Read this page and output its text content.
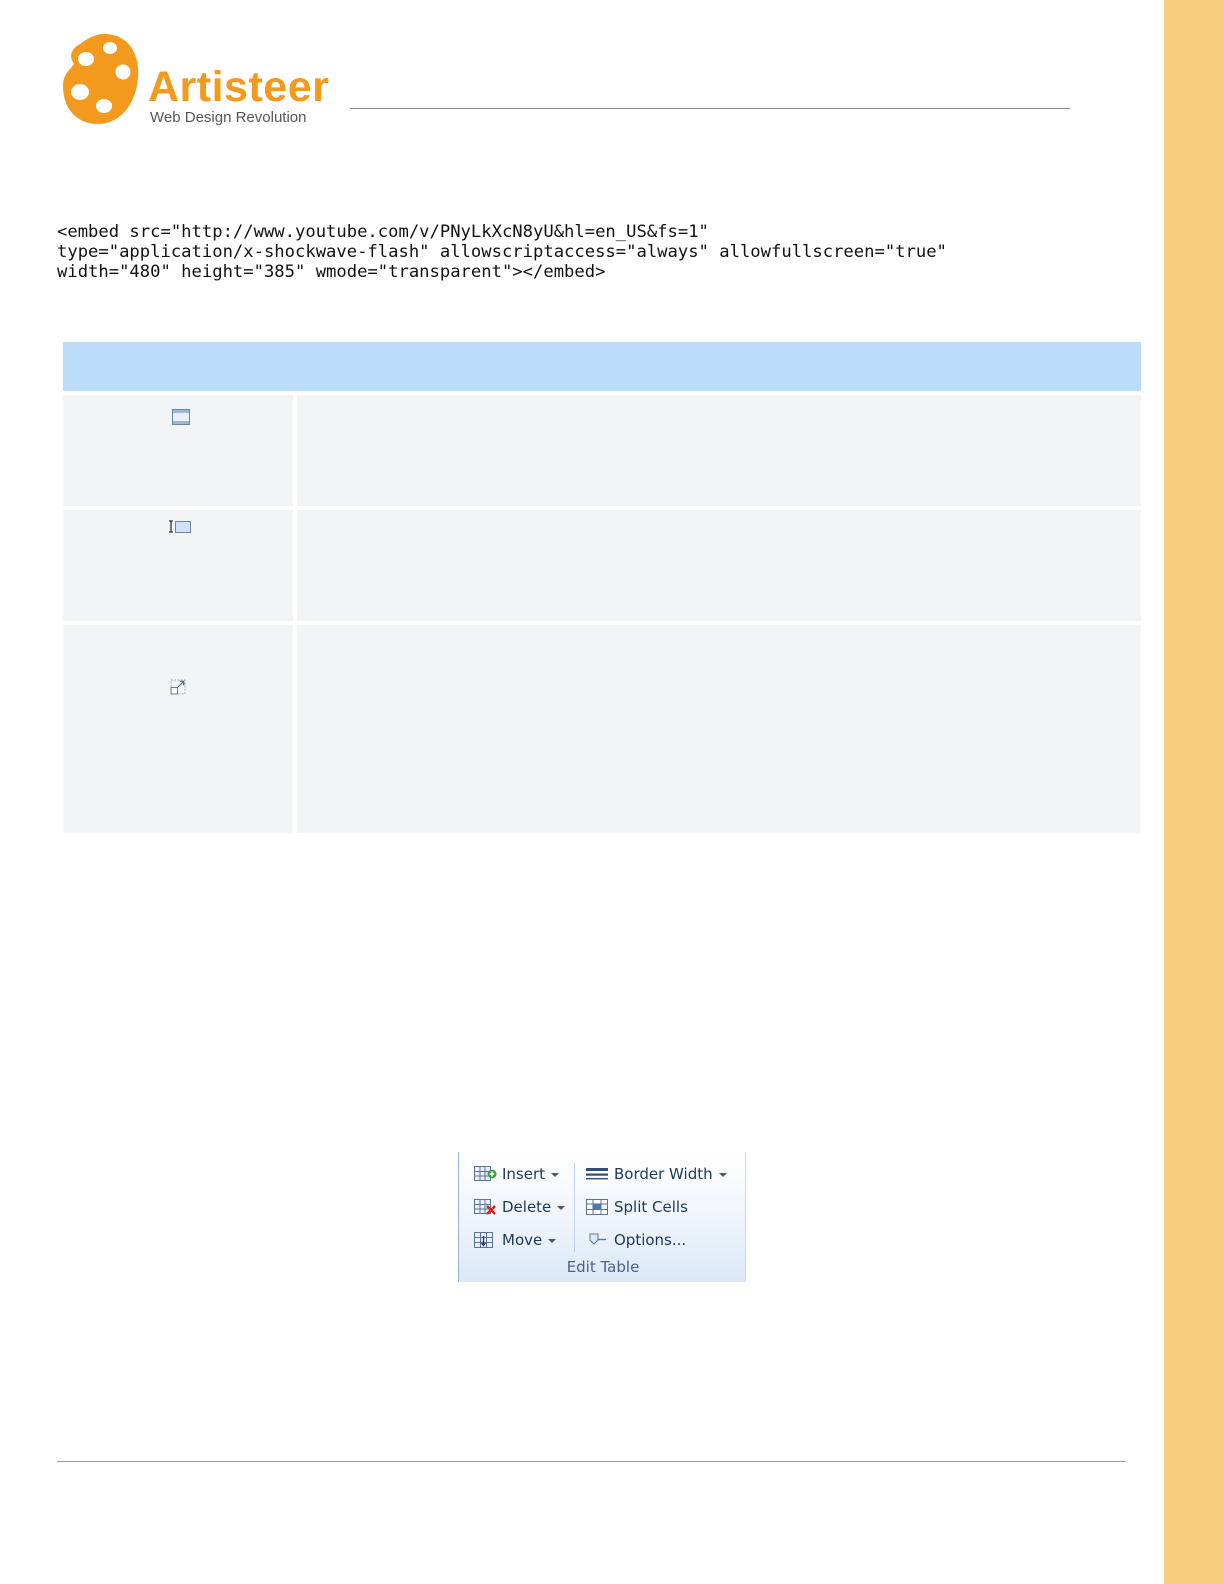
Artisteer
Web Design Revolution
<embed src="http://www.youtube.com/v/PNyLkXcN8yU&hl=en_US&fs=1"
type="application/x-shockwave-flash" allowscriptaccess="always" allowfullscreen="true"
width="480" height="385" wmode="transparent"></embed>
Insert
Delete
Move
Border Width
Split Cells
Options...
Edit Table
